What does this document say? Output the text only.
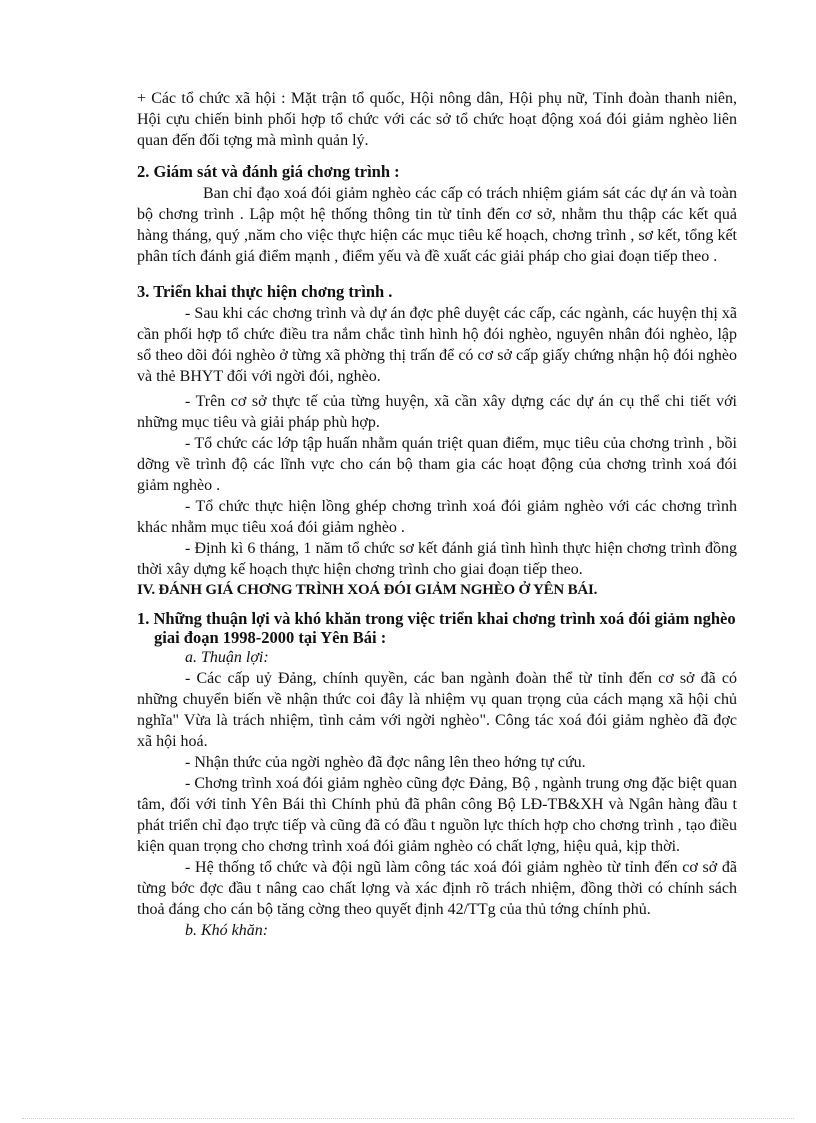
+ Các tổ chức xã hội : Mặt trận tổ quốc, Hội nông dân, Hội phụ nữ, Tỉnh đoàn thanh niên, Hội cựu chiến binh phối hợp tổ chức với các sở tổ chức hoạt động xoá đói giảm nghèo liên quan đến đối tợng mà mình quản lý.

2. Giám sát và đánh giá chơng trình :

Ban chỉ đạo xoá đói giảm nghèo các cấp có trách nhiệm giám sát các dự án và toàn bộ chơng trình . Lập một hệ thống thông tin từ tỉnh đến cơ sở, nhằm thu thập các kết quả hàng tháng, quý ,năm cho việc thực hiện các mục tiêu kế hoạch, chơng trình , sơ kết, tổng kết phân tích đánh giá điểm mạnh , điểm yếu và đề xuất các giải pháp cho giai đoạn tiếp theo .

3. Triển khai thực hiện chơng trình .

- Sau khi các chơng trình và dự án đợc phê duyệt các cấp, các ngành, các huyện thị xã cần phối hợp tổ chức điều tra nắm chắc tình hình hộ đói nghèo, nguyên nhân đói nghèo, lập sổ theo dõi đói nghèo ở từng xã phờng thị trấn để có cơ sở cấp giấy chứng nhận hộ đói nghèo và thẻ BHYT đối với ngời đói, nghèo.

- Trên cơ sở thực tế của từng huyện, xã cần xây dựng các dự án cụ thể chi tiết với những mục tiêu và giải pháp phù hợp.

- Tổ chức các lớp tập huấn nhằm quán triệt quan điểm, mục tiêu của chơng trình , bồi dỡng về trình độ các lĩnh vực cho cán bộ tham gia các hoạt động của chơng trình xoá đói giảm nghèo .

- Tổ chức thực hiện lồng ghép chơng trình xoá đói giảm nghèo với các chơng trình khác nhằm mục tiêu xoá đói giảm nghèo .

- Định kì 6 tháng, 1 năm tổ chức sơ kết đánh giá tình hình thực hiện chơng trình đồng thời xây dựng kế hoạch thực hiện chơng trình cho giai đoạn tiếp theo.

IV. ĐÁNH GIÁ CHƠNG TRÌNH XOÁ ĐÓI GIẢM NGHÈO Ở YÊN BÁI.

1. Những thuận lợi và khó khăn trong việc triển khai chơng trình xoá đói giảm nghèo giai đoạn 1998-2000 tại Yên Bái :

a. Thuận lợi:

- Các cấp uỷ Đảng, chính quyền, các ban ngành đoàn thể từ tỉnh đến cơ sở đã có những chuyển biến về nhận thức coi đây là nhiệm vụ quan trọng của cách mạng xã hội chủ nghĩa" Vừa là trách nhiệm, tình cảm với ngời nghèo". Công tác xoá đói giảm nghèo đã đợc xã hội hoá.

- Nhận thức của ngời nghèo đã đợc nâng lên theo hớng tự cứu.

- Chơng trình xoá đói giảm nghèo cũng đợc Đảng, Bộ , ngành trung ơng đặc biệt quan tâm, đối với tỉnh Yên Bái thì Chính phủ đã phân công Bộ LĐ-TB&XH và Ngân hàng đầu t phát triển chỉ đạo trực tiếp và cũng đã có đầu t nguồn lực thích hợp cho chơng trình , tạo điều kiện quan trọng cho chơng trình xoá đói giảm nghèo có chất lợng, hiệu quả, kịp thời.

- Hệ thống tổ chức và đội ngũ làm công tác xoá đói giảm nghèo từ tỉnh đến cơ sở đã từng bớc đợc đầu t nâng cao chất lợng và xác định rõ trách nhiệm, đồng thời có chính sách thoả đáng cho cán bộ tăng cờng theo quyết định 42/TTg của thủ tớng chính phủ.

b. Khó khăn:
